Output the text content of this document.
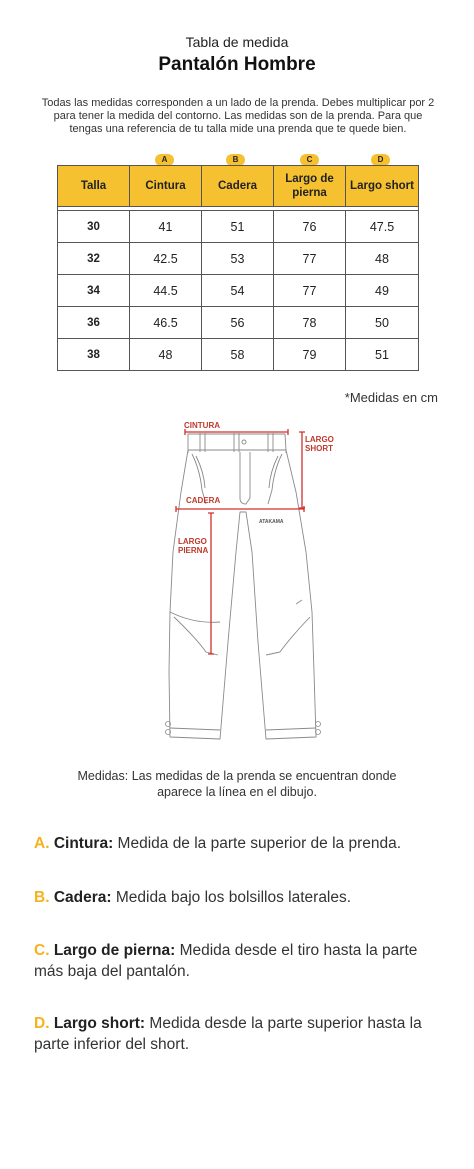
Tabla de medida
Pantalón Hombre
Todas las medidas corresponden a un lado de la prenda. Debes multiplicar por 2 para tener la medida del contorno. Las medidas son de la prenda. Para que tengas una referencia de tu talla mide una prenda que te quede bien.
A	B	C	D
Talla	Cintura	Cadera	Largo de pierna	Largo short

30	41	51	76	47.5
32	42.5	53	77	48
34	44.5	54	77	49
36	46.5	56	78	50
38	48	58	79	51
*Medidas en cm
CINTURA
LARGO SHORT
CADERA
LARGO PIERNA
ATAKAMA
Medidas: Las medidas de la prenda se encuentran donde aparece la línea en el dibujo.
A. Cintura: Medida de la parte superior de la prenda.
B. Cadera: Medida bajo los bolsillos laterales.
C. Largo de pierna: Medida desde el tiro hasta la parte más baja del pantalón.
D. Largo short: Medida desde la parte superior hasta la parte inferior del short.
